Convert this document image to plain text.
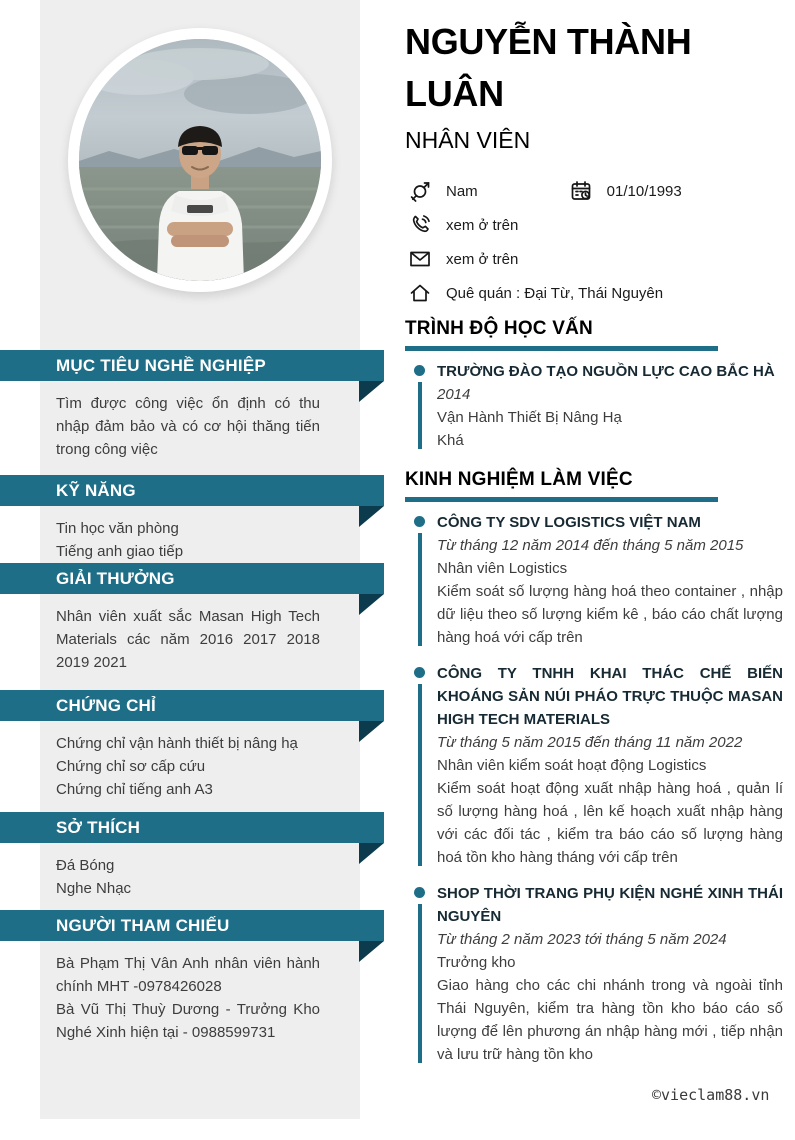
MỤC TIÊU NGHỀ NGHIỆP

Tìm được công việc ổn định có thu nhập đảm bảo và có cơ hội thăng tiến trong công việc

KỸ NĂNG

Tin học văn phòng

Tiếng anh giao tiếp

GIẢI THƯỞNG

Nhân viên xuất sắc Masan High Tech Materials các năm 2016 2017 2018 2019 2021

CHỨNG CHỈ

Chứng chỉ vận hành thiết bị nâng hạ

Chứng chỉ sơ cấp cứu

Chứng chỉ tiếng anh A3

SỞ THÍCH

Đá Bóng

Nghe Nhạc

NGƯỜI THAM CHIẾU

Bà Phạm Thị Vân Anh nhân viên hành chính MHT -0978426028

Bà Vũ Thị Thuỳ Dương - Trưởng Kho Nghé Xinh hiện tại - 0988599731

NGUYỄN THÀNH
LUÂN
NHÂN VIÊN
Nam	01/10/1993
xem ở trên
xem ở trên
Quê quán : Đại Từ, Thái Nguyên
TRÌNH ĐỘ HỌC VẤN
TRƯỜNG ĐÀO TẠO NGUỒN LỰC CAO BẮC HÀ
2014
Vận Hành Thiết Bị Nâng Hạ
Khá
KINH NGHIỆM LÀM VIỆC
CÔNG TY SDV LOGISTICS VIỆT NAM
Từ tháng 12 năm 2014 đến tháng 5 năm 2015
Nhân viên Logistics
Kiểm soát số lượng hàng hoá theo container , nhập dữ liệu theo số lượng kiểm kê , báo cáo chất lượng hàng hoá với cấp trên
CÔNG TY TNHH KHAI THÁC CHẾ BIẾN KHOÁNG SẢN NÚI PHÁO TRỰC THUỘC MASAN HIGH TECH MATERIALS
Từ tháng 5 năm 2015 đến tháng 11 năm 2022
Nhân viên kiểm soát hoạt động Logistics
Kiểm soát hoạt động xuất nhập hàng hoá , quản lí số lượng hàng hoá , lên kế hoạch xuất nhập hàng với các đối tác , kiểm tra báo cáo số lượng hàng hoá tồn kho hàng tháng với cấp trên
SHOP THỜI TRANG PHỤ KIỆN NGHÉ XINH THÁI NGUYÊN
Từ tháng 2 năm 2023 tới tháng 5 năm 2024
Trưởng kho
Giao hàng cho các chi nhánh trong và ngoài tỉnh Thái Nguyên, kiểm tra hàng tồn kho báo cáo số lượng để lên phương án nhập hàng mới , tiếp nhận và lưu trữ hàng tồn kho
©vieclam88.vn
